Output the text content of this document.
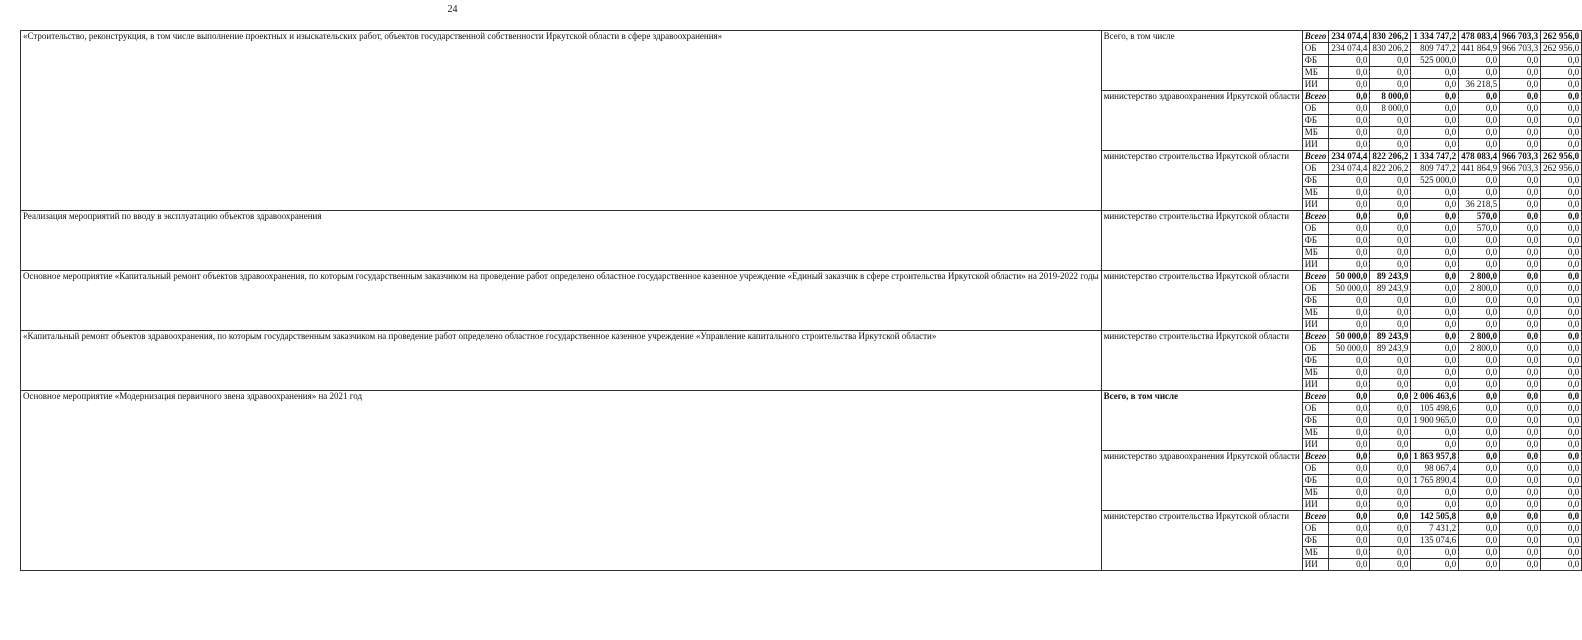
24
«Строительство, реконструкция, в том числе выполнение проектных и изыскательских работ, объектов государственной собственности Иркутской области в сфере здравоохранения»	Всего, в том числе	Всего	234 074,4	830 206,2	1 334 747,2	478 083,4	966 703,3	262 956,0
		ОБ	234 074,4	830 206,2	809 747,2	441 864,9	966 703,3	262 956,0
		ФБ	0,0	0,0	525 000,0	0,0	0,0	0,0
		МБ	0,0	0,0	0,0	0,0	0,0	0,0
		ИИ	0,0	0,0	0,0	36 218,5	0,0	0,0
	министерство здравоохранения Иркутской области	Всего	0,0	8 000,0	0,0	0,0	0,0	0,0
		ОБ	0,0	8 000,0	0,0	0,0	0,0	0,0
		ФБ	0,0	0,0	0,0	0,0	0,0	0,0
		МБ	0,0	0,0	0,0	0,0	0,0	0,0
		ИИ	0,0	0,0	0,0	0,0	0,0	0,0
	министерство строительства Иркутской области	Всего	234 074,4	822 206,2	1 334 747,2	478 083,4	966 703,3	262 956,0
		ОБ	234 074,4	822 206,2	809 747,2	441 864,9	966 703,3	262 956,0
		ФБ	0,0	0,0	525 000,0	0,0	0,0	0,0
		МБ	0,0	0,0	0,0	0,0	0,0	0,0
		ИИ	0,0	0,0	0,0	36 218,5	0,0	0,0
Реализация мероприятий по вводу в эксплуатацию объектов здравоохранения	министерство строительства Иркутской области	Всего	0,0	0,0	0,0	570,0	0,0	0,0
		ОБ	0,0	0,0	0,0	570,0	0,0	0,0
		ФБ	0,0	0,0	0,0	0,0	0,0	0,0
		МБ	0,0	0,0	0,0	0,0	0,0	0,0
		ИИ	0,0	0,0	0,0	0,0	0,0	0,0
Основное мероприятие «Капитальный ремонт объектов здравоохранения, по которым государственным заказчиком на проведение работ определено областное государственное казенное учреждение «Единый заказчик в сфере строительства Иркутской области» на 2019-2022 годы	министерство строительства Иркутской области	Всего	50 000,0	89 243,9	0,0	2 800,0	0,0	0,0
		ОБ	50 000,0	89 243,9	0,0	2 800,0	0,0	0,0
		ФБ	0,0	0,0	0,0	0,0	0,0	0,0
		МБ	0,0	0,0	0,0	0,0	0,0	0,0
		ИИ	0,0	0,0	0,0	0,0	0,0	0,0
«Капитальный ремонт объектов здравоохранения, по которым государственным заказчиком на проведение работ определено областное государственное казенное учреждение «Управление капитального строительства Иркутской области»	министерство строительства Иркутской области	Всего	50 000,0	89 243,9	0,0	2 800,0	0,0	0,0
		ОБ	50 000,0	89 243,9	0,0	2 800,0	0,0	0,0
		ФБ	0,0	0,0	0,0	0,0	0,0	0,0
		МБ	0,0	0,0	0,0	0,0	0,0	0,0
		ИИ	0,0	0,0	0,0	0,0	0,0	0,0
Основное мероприятие «Модернизация первичного звена здравоохранения» на 2021 год	Всего, в том числе	Всего	0,0	0,0	2 006 463,6	0,0	0,0	0,0
		ОБ	0,0	0,0	105 498,6	0,0	0,0	0,0
		ФБ	0,0	0,0	1 900 965,0	0,0	0,0	0,0
		МБ	0,0	0,0	0,0	0,0	0,0	0,0
		ИИ	0,0	0,0	0,0	0,0	0,0	0,0
	министерство здравоохранения Иркутской области	Всего	0,0	0,0	1 863 957,8	0,0	0,0	0,0
		ОБ	0,0	0,0	98 067,4	0,0	0,0	0,0
		ФБ	0,0	0,0	1 765 890,4	0,0	0,0	0,0
		МБ	0,0	0,0	0,0	0,0	0,0	0,0
		ИИ	0,0	0,0	0,0	0,0	0,0	0,0
	министерство строительства Иркутской области	Всего	0,0	0,0	142 505,8	0,0	0,0	0,0
		ОБ	0,0	0,0	7 431,2	0,0	0,0	0,0
		ФБ	0,0	0,0	135 074,6	0,0	0,0	0,0
		МБ	0,0	0,0	0,0	0,0	0,0	0,0
		ИИ	0,0	0,0	0,0	0,0	0,0	0,0
